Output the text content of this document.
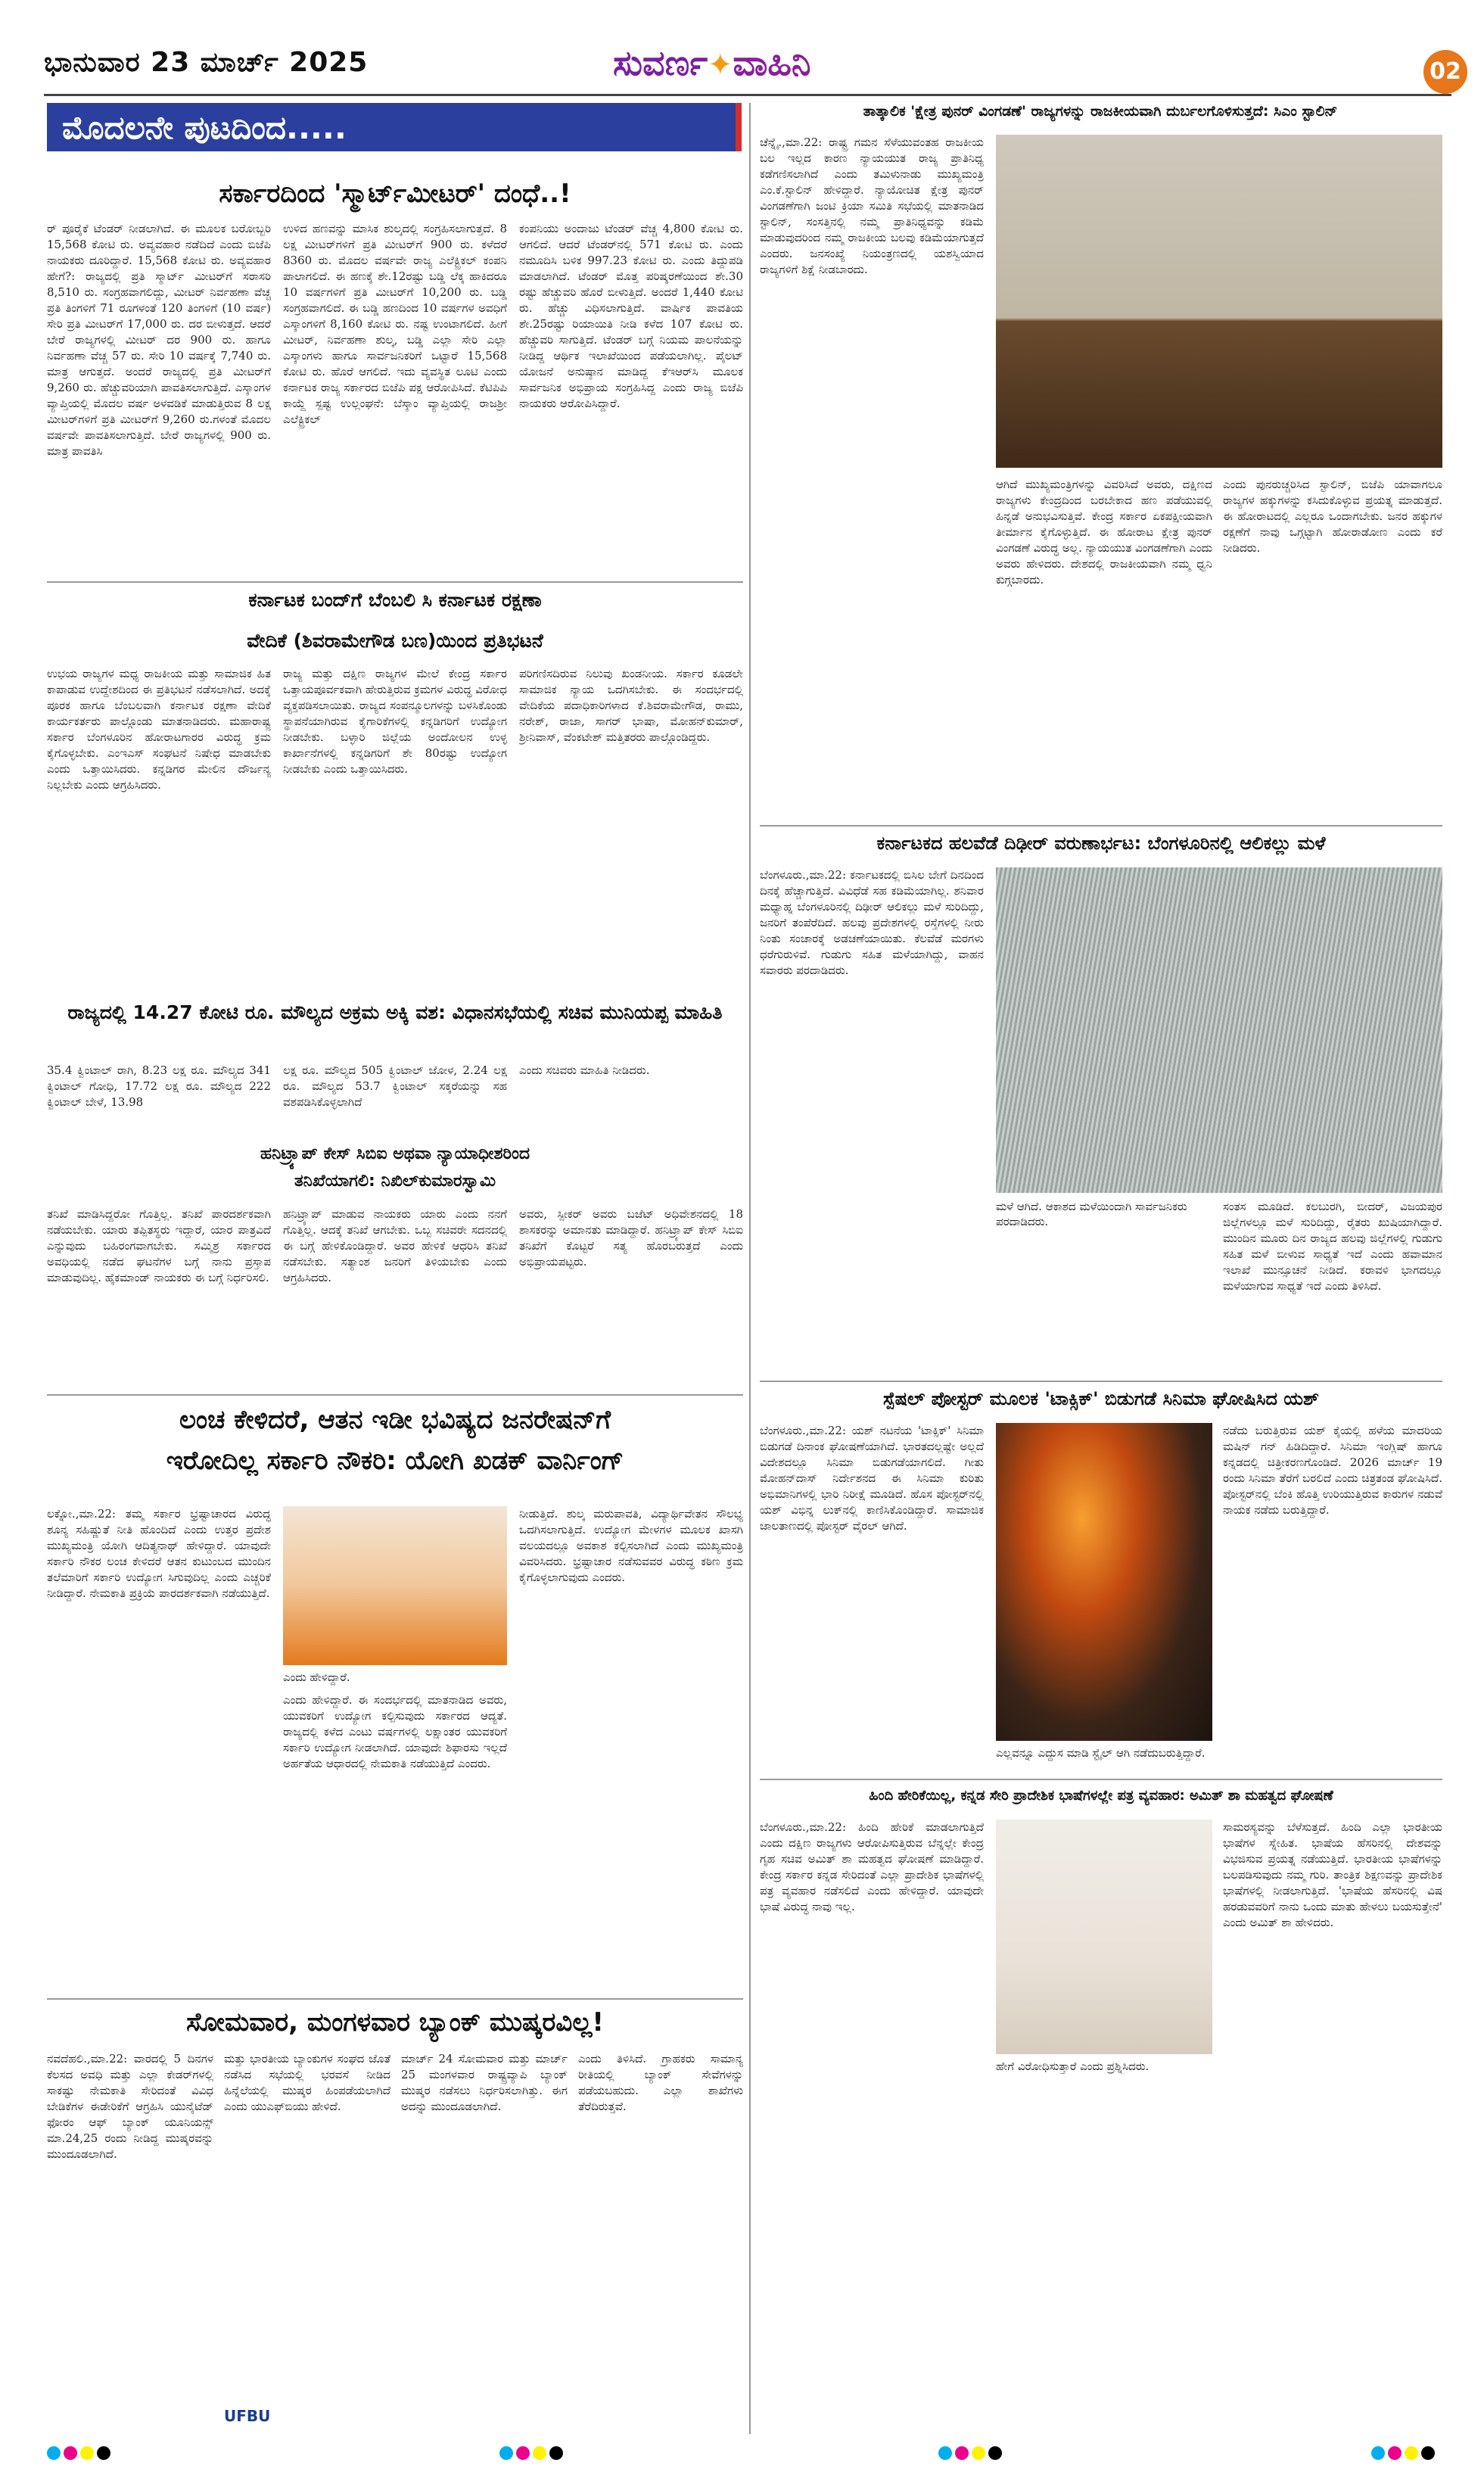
ಭಾನುವಾರ 23 ಮಾರ್ಚ್ 2025	ಸುವರ್ಣ✦ವಾಹಿನಿ	02
ಮೊದಲನೇ ಪುಟದಿಂದ.....
ಸರ್ಕಾರದಿಂದ 'ಸ್ಮಾರ್ಟ್‌ಮೀಟರ್' ದಂಧೆ..!
ರ್ ಪೂರೈಕೆ ಟೆಂಡರ್ ನೀಡಲಾಗಿದೆ. ಈ ಮೂಲಕ ಬರೋಬ್ಬರಿ 15,568 ಕೋಟಿ ರು. ಅವ್ಯವಹಾರ ನಡೆದಿದೆ ಎಂದು ಬಿಜೆಪಿ ನಾಯಕರು ದೂರಿದ್ದಾರೆ. 15,568 ಕೋಟಿ ರು. ಅವ್ಯವಹಾರ ಹೇಗೆ?: ರಾಜ್ಯದಲ್ಲಿ ಪ್ರತಿ ಸ್ಮಾರ್ಟ್ ಮೀಟರ್‌ಗೆ ಸರಾಸರಿ 8,510 ರು. ಸಂಗ್ರಹವಾಗಲಿದ್ದು, ಮೀಟರ್ ನಿರ್ವಹಣಾ ವೆಚ್ಚ ಪ್ರತಿ ತಿಂಗಳಿಗೆ 71 ರೂಗಳಂತೆ 120 ತಿಂಗಳಿಗೆ (10 ವರ್ಷ) ಸೇರಿ ಪ್ರತಿ ಮೀಟರ್‌ಗೆ 17,000 ರು. ದರ ಬೀಳುತ್ತದೆ. ಆದರೆ ಬೇರೆ ರಾಜ್ಯಗಳಲ್ಲಿ ಮೀಟರ್ ದರ 900 ರು. ಹಾಗೂ ನಿರ್ವಹಣಾ ವೆಚ್ಚ 57 ರು. ಸೇರಿ 10 ವರ್ಷಕ್ಕೆ 7,740 ರು. ಮಾತ್ರ ಆಗುತ್ತದೆ. ಅಂದರೆ ರಾಜ್ಯದಲ್ಲಿ ಪ್ರತಿ ಮೀಟರ್‌ಗೆ 9,260 ರು. ಹೆಚ್ಚುವರಿಯಾಗಿ ಪಾವತಿಸಲಾಗುತ್ತಿದೆ. ಎಸ್ಕಾಂಗಳ ವ್ಯಾಪ್ತಿಯಲ್ಲಿ ಮೊದಲ ವರ್ಷ ಅಳವಡಿಕೆ ಮಾಡುತ್ತಿರುವ 8 ಲಕ್ಷ ಮೀಟರ್‌ಗಳಿಗೆ ಪ್ರತಿ ಮೀಟರ್‌ಗೆ 9,260 ರು.ಗಳಂತೆ ಮೊದಲ ವರ್ಷವೇ ಪಾವತಿಸಲಾಗುತ್ತಿದೆ. ಬೇರೆ ರಾಜ್ಯಗಳಲ್ಲಿ 900 ರು. ಮಾತ್ರ ಪಾವತಿಸಿ
ಉಳಿದ ಹಣವನ್ನು ಮಾಸಿಕ ಶುಲ್ಕದಲ್ಲಿ ಸಂಗ್ರಹಿಸಲಾಗುತ್ತದೆ. 8 ಲಕ್ಷ ಮೀಟರ್‌ಗಳಿಗೆ ಪ್ರತಿ ಮೀಟರ್‌ಗೆ 900 ರು. ಕಳೆದರೆ 8360 ರು. ಮೊದಲ ವರ್ಷವೇ ರಾಜ್ಯ ಎಲೆಕ್ಟ್ರಿಕಲ್ ಕಂಪನಿ ಪಾಲಾಗಲಿದೆ. ಈ ಹಣಕ್ಕೆ ಶೇ.12ರಷ್ಟು ಬಡ್ಡಿ ಲೆಕ್ಕ ಹಾಕಿದರೂ 10 ವರ್ಷಗಳಿಗೆ ಪ್ರತಿ ಮೀಟರ್‌ಗೆ 10,200 ರು. ಬಡ್ಡಿ ಸಂಗ್ರಹವಾಗಲಿದೆ. ಈ ಬಡ್ಡಿ ಹಣದಿಂದ 10 ವರ್ಷಗಳ ಅವಧಿಗೆ ಎಸ್ಕಾಂಗಳಿಗೆ 8,160 ಕೋಟಿ ರು. ನಷ್ಟ ಉಂಟಾಗಲಿದೆ. ಹೀಗೆ ಮೀಟರ್, ನಿರ್ವಹಣಾ ಶುಲ್ಕ, ಬಡ್ಡಿ ಎಲ್ಲಾ ಸೇರಿ ಎಲ್ಲಾ ಎಸ್ಕಾಂಗಳು ಹಾಗೂ ಸಾರ್ವಜನಿಕರಿಗೆ ಒಟ್ಟಾರೆ 15,568 ಕೋಟಿ ರು. ಹೊರೆ ಆಗಲಿದೆ. ಇದು ವ್ಯವಸ್ಥಿತ ಲೂಟಿ ಎಂದು ಕರ್ನಾಟಕ ರಾಜ್ಯ ಸರ್ಕಾರದ ಬಿಜೆಪಿ ಪಕ್ಷ ಆರೋಪಿಸಿದೆ. ಕೆಟಿಪಿಪಿ ಕಾಯ್ದೆ ಸ್ಪಷ್ಟ ಉಲ್ಲಂಘನೆ: ಬೆಸ್ಕಾಂ ವ್ಯಾಪ್ತಿಯಲ್ಲಿ ರಾಜಶ್ರೀ ಎಲೆಕ್ಟ್ರಿಕಲ್
ಕಂಪನಿಯು ಅಂದಾಜು ಟೆಂಡರ್ ವೆಚ್ಚ 4,800 ಕೋಟಿ ರು. ಆಗಲಿದೆ. ಆದರೆ ಟೆಂಡರ್‌ನಲ್ಲಿ 571 ಕೋಟಿ ರು. ಎಂದು ನಮೂದಿಸಿ ಬಳಿಕ 997.23 ಕೋಟಿ ರು. ಎಂದು ತಿದ್ದುಪಡಿ ಮಾಡಲಾಗಿದೆ. ಟೆಂಡರ್ ಮೊತ್ತ ಪರಿಷ್ಕರಣೆಯಿಂದ ಶೇ.30 ರಷ್ಟು ಹೆಚ್ಚುವರಿ ಹೊರೆ ಬೀಳುತ್ತಿದೆ. ಅಂದರೆ 1,440 ಕೋಟಿ ರು. ಹೆಚ್ಚು ವಿಧಿಸಲಾಗುತ್ತಿದೆ. ವಾರ್ಷಿಕ ಪಾವತಿಯ ಶೇ.25ರಷ್ಟು ರಿಯಾಯಿತಿ ನೀಡಿ ಕಳೆದ 107 ಕೋಟಿ ರು. ಹೆಚ್ಚುವರಿ ಸಾಗುತ್ತಿದೆ. ಟೆಂಡರ್ ಬಗ್ಗೆ ನಿಯಮ ಪಾಲನೆಯನ್ನು ನೀಡಿದ್ದ ಆರ್ಥಿಕ ಇಲಾಖೆಯಿಂದ ಪಡೆಯಲಾಗಿಲ್ಲ. ಪೈಲಟ್ ಯೋಜನೆ ಅನುಷ್ಠಾನ ಮಾಡಿದ್ದ ಕೆಇಆರ್‌ಸಿ ಮೂಲಕ ಸಾರ್ವಜನಿಕ ಅಭಿಪ್ರಾಯ ಸಂಗ್ರಹಿಸಿದ್ದ ಎಂದು ರಾಜ್ಯ ಬಿಜೆಪಿ ನಾಯಕರು ಆರೋಪಿಸಿದ್ದಾರೆ.
ಕರ್ನಾಟಕ ಬಂದ್‌ಗೆ ಬೆಂಬಲಿ ಸಿ ಕರ್ನಾಟಕ ರಕ್ಷಣಾ
ವೇದಿಕೆ (ಶಿವರಾಮೇಗೌಡ ಬಣ)ಯಿಂದ ಪ್ರತಿಭಟನೆ
ಉಭಯ ರಾಜ್ಯಗಳ ಮಧ್ಯ ರಾಜಕೀಯ ಮತ್ತು ಸಾಮಾಜಿಕ ಹಿತ ಕಾಪಾಡುವ ಉದ್ದೇಶದಿಂದ ಈ ಪ್ರತಿಭಟನೆ ನಡೆಸಲಾಗಿದೆ. ಅದಕ್ಕೆ ಪೂರಕ ಹಾಗೂ ಬೆಂಬಲವಾಗಿ ಕರ್ನಾಟಕ ರಕ್ಷಣಾ ವೇದಿಕೆ ಕಾರ್ಯಕರ್ತರು ಪಾಲ್ಗೊಂಡು ಮಾತನಾಡಿದರು. ಮಹಾರಾಷ್ಟ್ರ ಸರ್ಕಾರ ಬೆಂಗಳೂರಿನ ಹೋರಾಟಗಾರರ ವಿರುದ್ಧ ಕ್ರಮ ಕೈಗೊಳ್ಳಬೇಕು. ಎಂಇಎಸ್ ಸಂಘಟನೆ ನಿಷೇಧ ಮಾಡಬೇಕು ಎಂದು ಒತ್ತಾಯಿಸಿದರು. ಕನ್ನಡಿಗರ ಮೇಲಿನ ದೌರ್ಜನ್ಯ ನಿಲ್ಲಬೇಕು ಎಂದು ಆಗ್ರಹಿಸಿದರು.
ರಾಜ್ಯ ಮತ್ತು ದಕ್ಷಿಣ ರಾಜ್ಯಗಳ ಮೇಲೆ ಕೇಂದ್ರ ಸರ್ಕಾರ ಒತ್ತಾಯಪೂರ್ವಕವಾಗಿ ಹೇರುತ್ತಿರುವ ಕ್ರಮಗಳ ವಿರುದ್ಧ ವಿರೋಧ ವ್ಯಕ್ತಪಡಿಸಲಾಯಿತು. ರಾಜ್ಯದ ಸಂಪನ್ಮೂಲಗಳನ್ನು ಬಳಸಿಕೊಂಡು ಸ್ಥಾಪನೆಯಾಗಿರುವ ಕೈಗಾರಿಕೆಗಳಲ್ಲಿ ಕನ್ನಡಿಗರಿಗೆ ಉದ್ಯೋಗ ನೀಡಬೇಕು. ಬಳ್ಳಾರಿ ಜಿಲ್ಲೆಯ ಅಂದೋಲನ ಉಳ್ಳ ಕಾರ್ಖಾನೆಗಳಲ್ಲಿ ಕನ್ನಡಿಗರಿಗೆ ಶೇ 80ರಷ್ಟು ಉದ್ಯೋಗ ನೀಡಬೇಕು ಎಂದು ಒತ್ತಾಯಿಸಿದರು.
ಪರಿಗಣಿಸದಿರುವ ನಿಲುವು ಖಂಡನೀಯ. ಸರ್ಕಾರ ಕೂಡಲೇ ಸಾಮಾಜಿಕ ನ್ಯಾಯ ಒದಗಿಸಬೇಕು. ಈ ಸಂದರ್ಭದಲ್ಲಿ ವೇದಿಕೆಯ ಪದಾಧಿಕಾರಿಗಳಾದ ಕೆ.ಶಿವರಾಮೇಗೌಡ, ರಾಮು, ನರೇಶ್, ರಾಜಾ, ಸಾಗರ್ ಭಾಷಾ, ಮೋಹನ್‌ಕುಮಾರ್, ಶ್ರೀನಿವಾಸ್, ವೆಂಕಟೇಶ್ ಮತ್ತಿತರರು ಪಾಲ್ಗೊಂಡಿದ್ದರು.
ರಾಜ್ಯದಲ್ಲಿ 14.27 ಕೋಟಿ ರೂ. ಮೌಲ್ಯದ ಅಕ್ರಮ ಅಕ್ಕಿ ವಶ: ವಿಧಾನಸಭೆಯಲ್ಲಿ ಸಚಿವ ಮುನಿಯಪ್ಪ ಮಾಹಿತಿ
35.4 ಕ್ವಿಂಟಾಲ್ ರಾಗಿ, 8.23 ಲಕ್ಷ ರೂ. ಮೌಲ್ಯದ 341 ಕ್ವಿಂಟಾಲ್ ಗೋಧಿ, 17.72 ಲಕ್ಷ ರೂ. ಮೌಲ್ಯದ 222 ಕ್ವಿಂಟಾಲ್ ಬೇಳೆ, 13.98
ಲಕ್ಷ ರೂ. ಮೌಲ್ಯದ 505 ಕ್ವಿಂಟಾಲ್ ಜೋಳ, 2.24 ಲಕ್ಷ ರೂ. ಮೌಲ್ಯದ 53.7 ಕ್ವಿಂಟಾಲ್ ಸಕ್ಕರೆಯನ್ನು ಸಹ ವಶಪಡಿಸಿಕೊಳ್ಳಲಾಗಿದೆ
ಎಂದು ಸಚಿವರು ಮಾಹಿತಿ ನೀಡಿದರು.
ಹನಿಟ್ರ್ಯಾಪ್ ಕೇಸ್ ಸಿಬಿಐ ಅಥವಾ ನ್ಯಾಯಾಧೀಶರಿಂದ
ತನಿಖೆಯಾಗಲಿ: ನಿಖಿಲ್‌ಕುಮಾರಸ್ವಾಮಿ
ತನಿಖೆ ಮಾಡಿಸಿದ್ದರೋ ಗೊತ್ತಿಲ್ಲ. ತನಿಖೆ ಪಾರದರ್ಶಕವಾಗಿ ನಡೆಯಬೇಕು. ಯಾರು ತಪ್ಪಿತಸ್ಥರು ಇದ್ದಾರೆ, ಯಾರ ಪಾತ್ರವಿದೆ ಎನ್ನುವುದು ಬಹಿರಂಗವಾಗಬೇಕು. ಸಮ್ಮಿಶ್ರ ಸರ್ಕಾರದ ಅವಧಿಯಲ್ಲಿ ನಡೆದ ಘಟನೆಗಳ ಬಗ್ಗೆ ನಾನು ಪ್ರಸ್ತಾಪ ಮಾಡುವುದಿಲ್ಲ. ಹೈಕಮಾಂಡ್ ನಾಯಕರು ಈ ಬಗ್ಗೆ ನಿರ್ಧರಿಸಲಿ.
ಹನಿಟ್ರ್ಯಾಪ್ ಮಾಡುವ ನಾಯಕರು ಯಾರು ಎಂದು ನನಗೆ ಗೊತ್ತಿಲ್ಲ. ಆದಕ್ಕೆ ತನಿಖೆ ಆಗಬೇಕು. ಒಬ್ಬ ಸಚಿವರೇ ಸದನದಲ್ಲಿ ಈ ಬಗ್ಗೆ ಹೇಳಿಕೊಂಡಿದ್ದಾರೆ. ಅವರ ಹೇಳಿಕೆ ಆಧರಿಸಿ ತನಿಖೆ ನಡೆಸಬೇಕು. ಸತ್ಯಾಂಶ ಜನರಿಗೆ ತಿಳಿಯಬೇಕು ಎಂದು ಆಗ್ರಹಿಸಿದರು.
ಅವರು, ಸ್ಪೀಕರ್ ಅವರು ಬಜೆಟ್ ಅಧಿವೇಶನದಲ್ಲಿ 18 ಶಾಸಕರನ್ನು ಅಮಾನತು ಮಾಡಿದ್ದಾರೆ. ಹನಿಟ್ರ್ಯಾಪ್ ಕೇಸ್ ಸಿಬಿಐ ತನಿಖೆಗೆ ಕೊಟ್ಟರೆ ಸತ್ಯ ಹೊರಬರುತ್ತದೆ ಎಂದು ಅಭಿಪ್ರಾಯಪಟ್ಟರು.
ಲಂಚ ಕೇಳಿದರೆ, ಆತನ ಇಡೀ ಭವಿಷ್ಯದ ಜನರೇಷನ್‌ಗೆ
ಇರೋದಿಲ್ಲ ಸರ್ಕಾರಿ ನೌಕರಿ: ಯೋಗಿ ಖಡಕ್ ವಾರ್ನಿಂಗ್
ಲಕ್ನೋ.,ಮಾ.22: ತಮ್ಮ ಸರ್ಕಾರ ಭ್ರಷ್ಟಾಚಾರದ ವಿರುದ್ಧ ಶೂನ್ಯ ಸಹಿಷ್ಣುತೆ ನೀತಿ ಹೊಂದಿದೆ ಎಂದು ಉತ್ತರ ಪ್ರದೇಶ ಮುಖ್ಯಮಂತ್ರಿ ಯೋಗಿ ಆದಿತ್ಯನಾಥ್ ಹೇಳಿದ್ದಾರೆ. ಯಾವುದೇ ಸರ್ಕಾರಿ ನೌಕರ ಲಂಚ ಕೇಳಿದರೆ ಆತನ ಕುಟುಂಬದ ಮುಂದಿನ ತಲೆಮಾರಿಗೆ ಸರ್ಕಾರಿ ಉದ್ಯೋಗ ಸಿಗುವುದಿಲ್ಲ ಎಂದು ಎಚ್ಚರಿಕೆ ನೀಡಿದ್ದಾರೆ. ನೇಮಕಾತಿ ಪ್ರಕ್ರಿಯೆ ಪಾರದರ್ಶಕವಾಗಿ ನಡೆಯುತ್ತಿದೆ.
ಎಂದು ಹೇಳಿದ್ದಾರೆ.
ಎಂದು ಹೇಳಿದ್ದಾರೆ. ಈ ಸಂದರ್ಭದಲ್ಲಿ ಮಾತನಾಡಿದ ಅವರು, ಯುವಕರಿಗೆ ಉದ್ಯೋಗ ಕಲ್ಪಿಸುವುದು ಸರ್ಕಾರದ ಆದ್ಯತೆ. ರಾಜ್ಯದಲ್ಲಿ ಕಳೆದ ಎಂಟು ವರ್ಷಗಳಲ್ಲಿ ಲಕ್ಷಾಂತರ ಯುವಕರಿಗೆ ಸರ್ಕಾರಿ ಉದ್ಯೋಗ ನೀಡಲಾಗಿದೆ. ಯಾವುದೇ ಶಿಫಾರಸು ಇಲ್ಲದೆ ಅರ್ಹತೆಯ ಆಧಾರದಲ್ಲಿ ನೇಮಕಾತಿ ನಡೆಯುತ್ತಿದೆ ಎಂದರು.
ನೀಡುತ್ತಿದೆ. ಶುಲ್ಕ ಮರುಪಾವತಿ, ವಿದ್ಯಾರ್ಥಿವೇತನ ಸೌಲಭ್ಯ ಒದಗಿಸಲಾಗುತ್ತಿದೆ. ಉದ್ಯೋಗ ಮೇಳಗಳ ಮೂಲಕ ಖಾಸಗಿ ವಲಯದಲ್ಲೂ ಅವಕಾಶ ಕಲ್ಪಿಸಲಾಗಿದೆ ಎಂದು ಮುಖ್ಯಮಂತ್ರಿ ವಿವರಿಸಿದರು. ಭ್ರಷ್ಟಾಚಾರ ನಡೆಸುವವರ ವಿರುದ್ಧ ಕಠಿಣ ಕ್ರಮ ಕೈಗೊಳ್ಳಲಾಗುವುದು ಎಂದರು.
ಸೋಮವಾರ, ಮಂಗಳವಾರ ಬ್ಯಾಂಕ್ ಮುಷ್ಕರವಿಲ್ಲ!
ನವದೆಹಲಿ.,ಮಾ.22: ವಾರದಲ್ಲಿ 5 ದಿನಗಳ ಕೆಲಸದ ಅವಧಿ ಮತ್ತು ಎಲ್ಲಾ ಕೇಡರ್‌ಗಳಲ್ಲಿ ಸಾಕಷ್ಟು ನೇಮಕಾತಿ ಸೇರಿದಂತೆ ವಿವಿಧ ಬೇಡಿಕೆಗಳ ಈಡೇರಿಕೆಗೆ ಆಗ್ರಹಿಸಿ ಯುನೈಟೆಡ್ ಫೋರಂ ಆಫ್ ಬ್ಯಾಂಕ್ ಯೂನಿಯನ್ಸ್ ಮಾ.24,25 ರಂದು ನೀಡಿದ್ದ ಮುಷ್ಕರವನ್ನು ಮುಂದೂಡಲಾಗಿದೆ.
ಮತ್ತು ಭಾರತೀಯ ಬ್ಯಾಂಕುಗಳ ಸಂಘದ ಜೊತೆ ನಡೆಸಿದ ಸಭೆಯಲ್ಲಿ ಭರವಸೆ ನೀಡಿದ ಹಿನ್ನೆಲೆಯಲ್ಲಿ ಮುಷ್ಕರ ಹಿಂಪಡೆಯಲಾಗಿದೆ ಎಂದು ಯುಎಫ್‌ಬಿಯು ಹೇಳಿದೆ.
ಮಾರ್ಚ್ 24 ಸೋಮವಾರ ಮತ್ತು ಮಾರ್ಚ್ 25 ಮಂಗಳವಾರ ರಾಷ್ಟ್ರವ್ಯಾಪಿ ಬ್ಯಾಂಕ್ ಮುಷ್ಕರ ನಡೆಸಲು ನಿರ್ಧರಿಸಲಾಗಿತ್ತು. ಈಗ ಅದನ್ನು ಮುಂದೂಡಲಾಗಿದೆ.
ಎಂದು ತಿಳಿಸಿದೆ. ಗ್ರಾಹಕರು ಸಾಮಾನ್ಯ ರೀತಿಯಲ್ಲಿ ಬ್ಯಾಂಕ್ ಸೇವೆಗಳನ್ನು ಪಡೆಯಬಹುದು. ಎಲ್ಲಾ ಶಾಖೆಗಳು ತೆರೆದಿರುತ್ತವೆ.
UFBU
ತಾತ್ಕಾಲಿಕ 'ಕ್ಷೇತ್ರ ಪುನರ್ ವಿಂಗಡಣೆ' ರಾಜ್ಯಗಳನ್ನು ರಾಜಕೀಯವಾಗಿ ದುರ್ಬಲಗೊಳಿಸುತ್ತದೆ: ಸಿಎಂ ಸ್ಟಾಲಿನ್
ಚೆನ್ನೈ.,ಮಾ.22: ರಾಷ್ಟ್ರ ಗಮನ ಸೆಳೆಯುವಂತಹ ರಾಜಕೀಯ ಬಲ ಇಲ್ಲದ ಕಾರಣ ನ್ಯಾಯಯುತ ರಾಜ್ಯ ಪ್ರಾತಿನಿಧ್ಯ ಕಡೆಗಣಿಸಲಾಗಿದೆ ಎಂದು ತಮಿಳುನಾಡು ಮುಖ್ಯಮಂತ್ರಿ ಎಂ.ಕೆ.ಸ್ಟಾಲಿನ್ ಹೇಳಿದ್ದಾರೆ. ನ್ಯಾಯೋಚಿತ ಕ್ಷೇತ್ರ ಪುನರ್ ವಿಂಗಡಣೆಗಾಗಿ ಜಂಟಿ ಕ್ರಿಯಾ ಸಮಿತಿ ಸಭೆಯಲ್ಲಿ ಮಾತನಾಡಿದ ಸ್ಟಾಲಿನ್, ಸಂಸತ್ತಿನಲ್ಲಿ ನಮ್ಮ ಪ್ರಾತಿನಿಧ್ಯವನ್ನು ಕಡಿಮೆ ಮಾಡುವುದರಿಂದ ನಮ್ಮ ರಾಜಕೀಯ ಬಲವು ಕಡಿಮೆಯಾಗುತ್ತದೆ ಎಂದರು. ಜನಸಂಖ್ಯೆ ನಿಯಂತ್ರಣದಲ್ಲಿ ಯಶಸ್ವಿಯಾದ ರಾಜ್ಯಗಳಿಗೆ ಶಿಕ್ಷೆ ನೀಡಬಾರದು.
ಆಗಿದೆ ಮುಖ್ಯಮಂತ್ರಿಗಳನ್ನು ವಿವರಿಸಿದೆ ಅವರು, ದಕ್ಷಿಣದ ರಾಜ್ಯಗಳು ಕೇಂದ್ರದಿಂದ ಬರಬೇಕಾದ ಹಣ ಪಡೆಯುವಲ್ಲಿ ಹಿನ್ನಡೆ ಅನುಭವಿಸುತ್ತಿವೆ. ಕೇಂದ್ರ ಸರ್ಕಾರ ಏಕಪಕ್ಷೀಯವಾಗಿ ತೀರ್ಮಾನ ಕೈಗೊಳ್ಳುತ್ತಿದೆ. ಈ ಹೋರಾಟ ಕ್ಷೇತ್ರ ಪುನರ್ ವಿಂಗಡಣೆ ವಿರುದ್ಧ ಅಲ್ಲ. ನ್ಯಾಯಯುತ ವಿಂಗಡಣೆಗಾಗಿ ಎಂದು ಅವರು ಹೇಳಿದರು. ದೇಶದಲ್ಲಿ ರಾಜಕೀಯವಾಗಿ ನಮ್ಮ ಧ್ವನಿ ಕುಗ್ಗಬಾರದು.
ಎಂದು ಪುನರುಚ್ಚರಿಸಿದ ಸ್ಟಾಲಿನ್, ಬಿಜೆಪಿ ಯಾವಾಗಲೂ ರಾಜ್ಯಗಳ ಹಕ್ಕುಗಳನ್ನು ಕಸಿದುಕೊಳ್ಳುವ ಪ್ರಯತ್ನ ಮಾಡುತ್ತದೆ. ಈ ಹೋರಾಟದಲ್ಲಿ ಎಲ್ಲರೂ ಒಂದಾಗಬೇಕು. ಜನರ ಹಕ್ಕುಗಳ ರಕ್ಷಣೆಗೆ ನಾವು ಒಗ್ಗಟ್ಟಾಗಿ ಹೋರಾಡೋಣ ಎಂದು ಕರೆ ನೀಡಿದರು.
ಕರ್ನಾಟಕದ ಹಲವೆಡೆ ದಿಢೀರ್ ವರುಣಾರ್ಭಟ: ಬೆಂಗಳೂರಿನಲ್ಲಿ ಆಲಿಕಲ್ಲು ಮಳೆ
ಬೆಂಗಳೂರು.,ಮಾ.22: ಕರ್ನಾಟಕದಲ್ಲಿ ಬಿಸಿಲ ಬೇಗೆ ದಿನದಿಂದ ದಿನಕ್ಕೆ ಹೆಚ್ಚಾಗುತ್ತಿದೆ. ವಿವಿಧೆಡೆ ಸಹ ಕಡಿಮೆಯಾಗಿಲ್ಲ. ಶನಿವಾರ ಮಧ್ಯಾಹ್ನ ಬೆಂಗಳೂರಿನಲ್ಲಿ ದಿಢೀರ್ ಆಲಿಕಲ್ಲು ಮಳೆ ಸುರಿದಿದ್ದು, ಜನರಿಗೆ ತಂಪೆರೆದಿದೆ. ಹಲವು ಪ್ರದೇಶಗಳಲ್ಲಿ ರಸ್ತೆಗಳಲ್ಲಿ ನೀರು ನಿಂತು ಸಂಚಾರಕ್ಕೆ ಅಡಚಣೆಯಾಯಿತು. ಕೆಲವೆಡೆ ಮರಗಳು ಧರೆಗುರುಳಿವೆ. ಗುಡುಗು ಸಹಿತ ಮಳೆಯಾಗಿದ್ದು, ವಾಹನ ಸವಾರರು ಪರದಾಡಿದರು.
ಮಳೆ ಆಗಿದೆ. ಆಕಾಶದ ಮಳೆಯಿಂದಾಗಿ ಸಾರ್ವಜನಿಕರು ಪರದಾಡಿದರು.
ಸಂತಸ ಮೂಡಿದೆ. ಕಲಬುರಗಿ, ಬೀದರ್, ವಿಜಯಪುರ ಜಿಲ್ಲೆಗಳಲ್ಲೂ ಮಳೆ ಸುರಿದಿದ್ದು, ರೈತರು ಖುಷಿಯಾಗಿದ್ದಾರೆ. ಮುಂದಿನ ಮೂರು ದಿನ ರಾಜ್ಯದ ಹಲವು ಜಿಲ್ಲೆಗಳಲ್ಲಿ ಗುಡುಗು ಸಹಿತ ಮಳೆ ಬೀಳುವ ಸಾಧ್ಯತೆ ಇದೆ ಎಂದು ಹವಾಮಾನ ಇಲಾಖೆ ಮುನ್ಸೂಚನೆ ನೀಡಿದೆ. ಕರಾವಳಿ ಭಾಗದಲ್ಲೂ ಮಳೆಯಾಗುವ ಸಾಧ್ಯತೆ ಇದೆ ಎಂದು ತಿಳಿಸಿದೆ.
ಸ್ಪೆಷಲ್ ಪೋಸ್ಟರ್ ಮೂಲಕ 'ಟಾಕ್ಸಿಕ್' ಬಿಡುಗಡೆ ಸಿನಿಮಾ ಘೋಷಿಸಿದ ಯಶ್
ಬೆಂಗಳೂರು.,ಮಾ.22: ಯಶ್ ನಟನೆಯ 'ಟಾಕ್ಸಿಕ್' ಸಿನಿಮಾ ಬಿಡುಗಡೆ ದಿನಾಂಕ ಘೋಷಣೆಯಾಗಿದೆ. ಭಾರತದಲ್ಲಷ್ಟೇ ಅಲ್ಲದೆ ವಿದೇಶದಲ್ಲೂ ಸಿನಿಮಾ ಬಿಡುಗಡೆಯಾಗಲಿದೆ. ಗೀತು ಮೋಹನ್‌ದಾಸ್ ನಿರ್ದೇಶನದ ಈ ಸಿನಿಮಾ ಕುರಿತು ಅಭಿಮಾನಿಗಳಲ್ಲಿ ಭಾರಿ ನಿರೀಕ್ಷೆ ಮೂಡಿದೆ. ಹೊಸ ಪೋಸ್ಟರ್‌ನಲ್ಲಿ ಯಶ್ ವಿಭಿನ್ನ ಲುಕ್‌ನಲ್ಲಿ ಕಾಣಿಸಿಕೊಂಡಿದ್ದಾರೆ. ಸಾಮಾಜಿಕ ಜಾಲತಾಣದಲ್ಲಿ ಪೋಸ್ಟರ್ ವೈರಲ್ ಆಗಿದೆ.
ಎಲ್ಲವನ್ನೂ ಎದ್ದುಸ ಮಾಡಿ ಸ್ಟೈಲ್ ಆಗಿ ನಡೆದುಬರುತ್ತಿದ್ದಾರೆ.
ನಡೆದು ಬರುತ್ತಿರುವ ಯಶ್ ಕೈಯಲ್ಲಿ ಹಳೆಯ ಮಾದರಿಯ ಮಷಿನ್ ಗನ್ ಹಿಡಿದಿದ್ದಾರೆ. ಸಿನಿಮಾ ಇಂಗ್ಲಿಷ್ ಹಾಗೂ ಕನ್ನಡದಲ್ಲಿ ಚಿತ್ರೀಕರಣಗೊಂಡಿದೆ. 2026 ಮಾರ್ಚ್ 19 ರಂದು ಸಿನಿಮಾ ತೆರೆಗೆ ಬರಲಿದೆ ಎಂದು ಚಿತ್ರತಂಡ ಘೋಷಿಸಿದೆ. ಪೋಸ್ಟರ್‌ನಲ್ಲಿ ಬೆಂಕಿ ಹೊತ್ತಿ ಉರಿಯುತ್ತಿರುವ ಕಾರುಗಳ ನಡುವೆ ನಾಯಕ ನಡೆದು ಬರುತ್ತಿದ್ದಾರೆ.
ಹಿಂದಿ ಹೇರಿಕೆಯಿಲ್ಲ, ಕನ್ನಡ ಸೇರಿ ಪ್ರಾದೇಶಿಕ ಭಾಷೆಗಳಲ್ಲೇ ಪತ್ರ ವ್ಯವಹಾರ: ಅಮಿತ್ ಶಾ ಮಹತ್ವದ ಘೋಷಣೆ
ಬೆಂಗಳೂರು.,ಮಾ.22: ಹಿಂದಿ ಹೇರಿಕೆ ಮಾಡಲಾಗುತ್ತಿದೆ ಎಂದು ದಕ್ಷಿಣ ರಾಜ್ಯಗಳು ಆರೋಪಿಸುತ್ತಿರುವ ಬೆನ್ನಲ್ಲೇ ಕೇಂದ್ರ ಗೃಹ ಸಚಿವ ಅಮಿತ್ ಶಾ ಮಹತ್ವದ ಘೋಷಣೆ ಮಾಡಿದ್ದಾರೆ. ಕೇಂದ್ರ ಸರ್ಕಾರ ಕನ್ನಡ ಸೇರಿದಂತೆ ಎಲ್ಲಾ ಪ್ರಾದೇಶಿಕ ಭಾಷೆಗಳಲ್ಲಿ ಪತ್ರ ವ್ಯವಹಾರ ನಡೆಸಲಿದೆ ಎಂದು ಹೇಳಿದ್ದಾರೆ. ಯಾವುದೇ ಭಾಷೆ ವಿರುದ್ಧ ನಾವು ಇಲ್ಲ.
ಹೇಗೆ ವಿರೋಧಿಸುತ್ತಾರೆ ಎಂದು ಪ್ರಶ್ನಿಸಿದರು.
ಸಾಮರಸ್ಯವನ್ನು ಬೆಳೆಸುತ್ತದೆ. ಹಿಂದಿ ಎಲ್ಲಾ ಭಾರತೀಯ ಭಾಷೆಗಳ ಸ್ನೇಹಿತ. ಭಾಷೆಯ ಹೆಸರಿನಲ್ಲಿ ದೇಶವನ್ನು ವಿಭಜಿಸುವ ಪ್ರಯತ್ನ ನಡೆಯುತ್ತಿದೆ. ಭಾರತೀಯ ಭಾಷೆಗಳನ್ನು ಬಲಪಡಿಸುವುದು ನಮ್ಮ ಗುರಿ. ತಾಂತ್ರಿಕ ಶಿಕ್ಷಣವನ್ನು ಪ್ರಾದೇಶಿಕ ಭಾಷೆಗಳಲ್ಲಿ ನೀಡಲಾಗುತ್ತಿದೆ. 'ಭಾಷೆಯ ಹೆಸರಿನಲ್ಲಿ ವಿಷ ಹರಡುವವರಿಗೆ ನಾನು ಒಂದು ಮಾತು ಹೇಳಲು ಬಯಸುತ್ತೇನೆ' ಎಂದು ಅಮಿತ್ ಶಾ ಹೇಳಿದರು.
